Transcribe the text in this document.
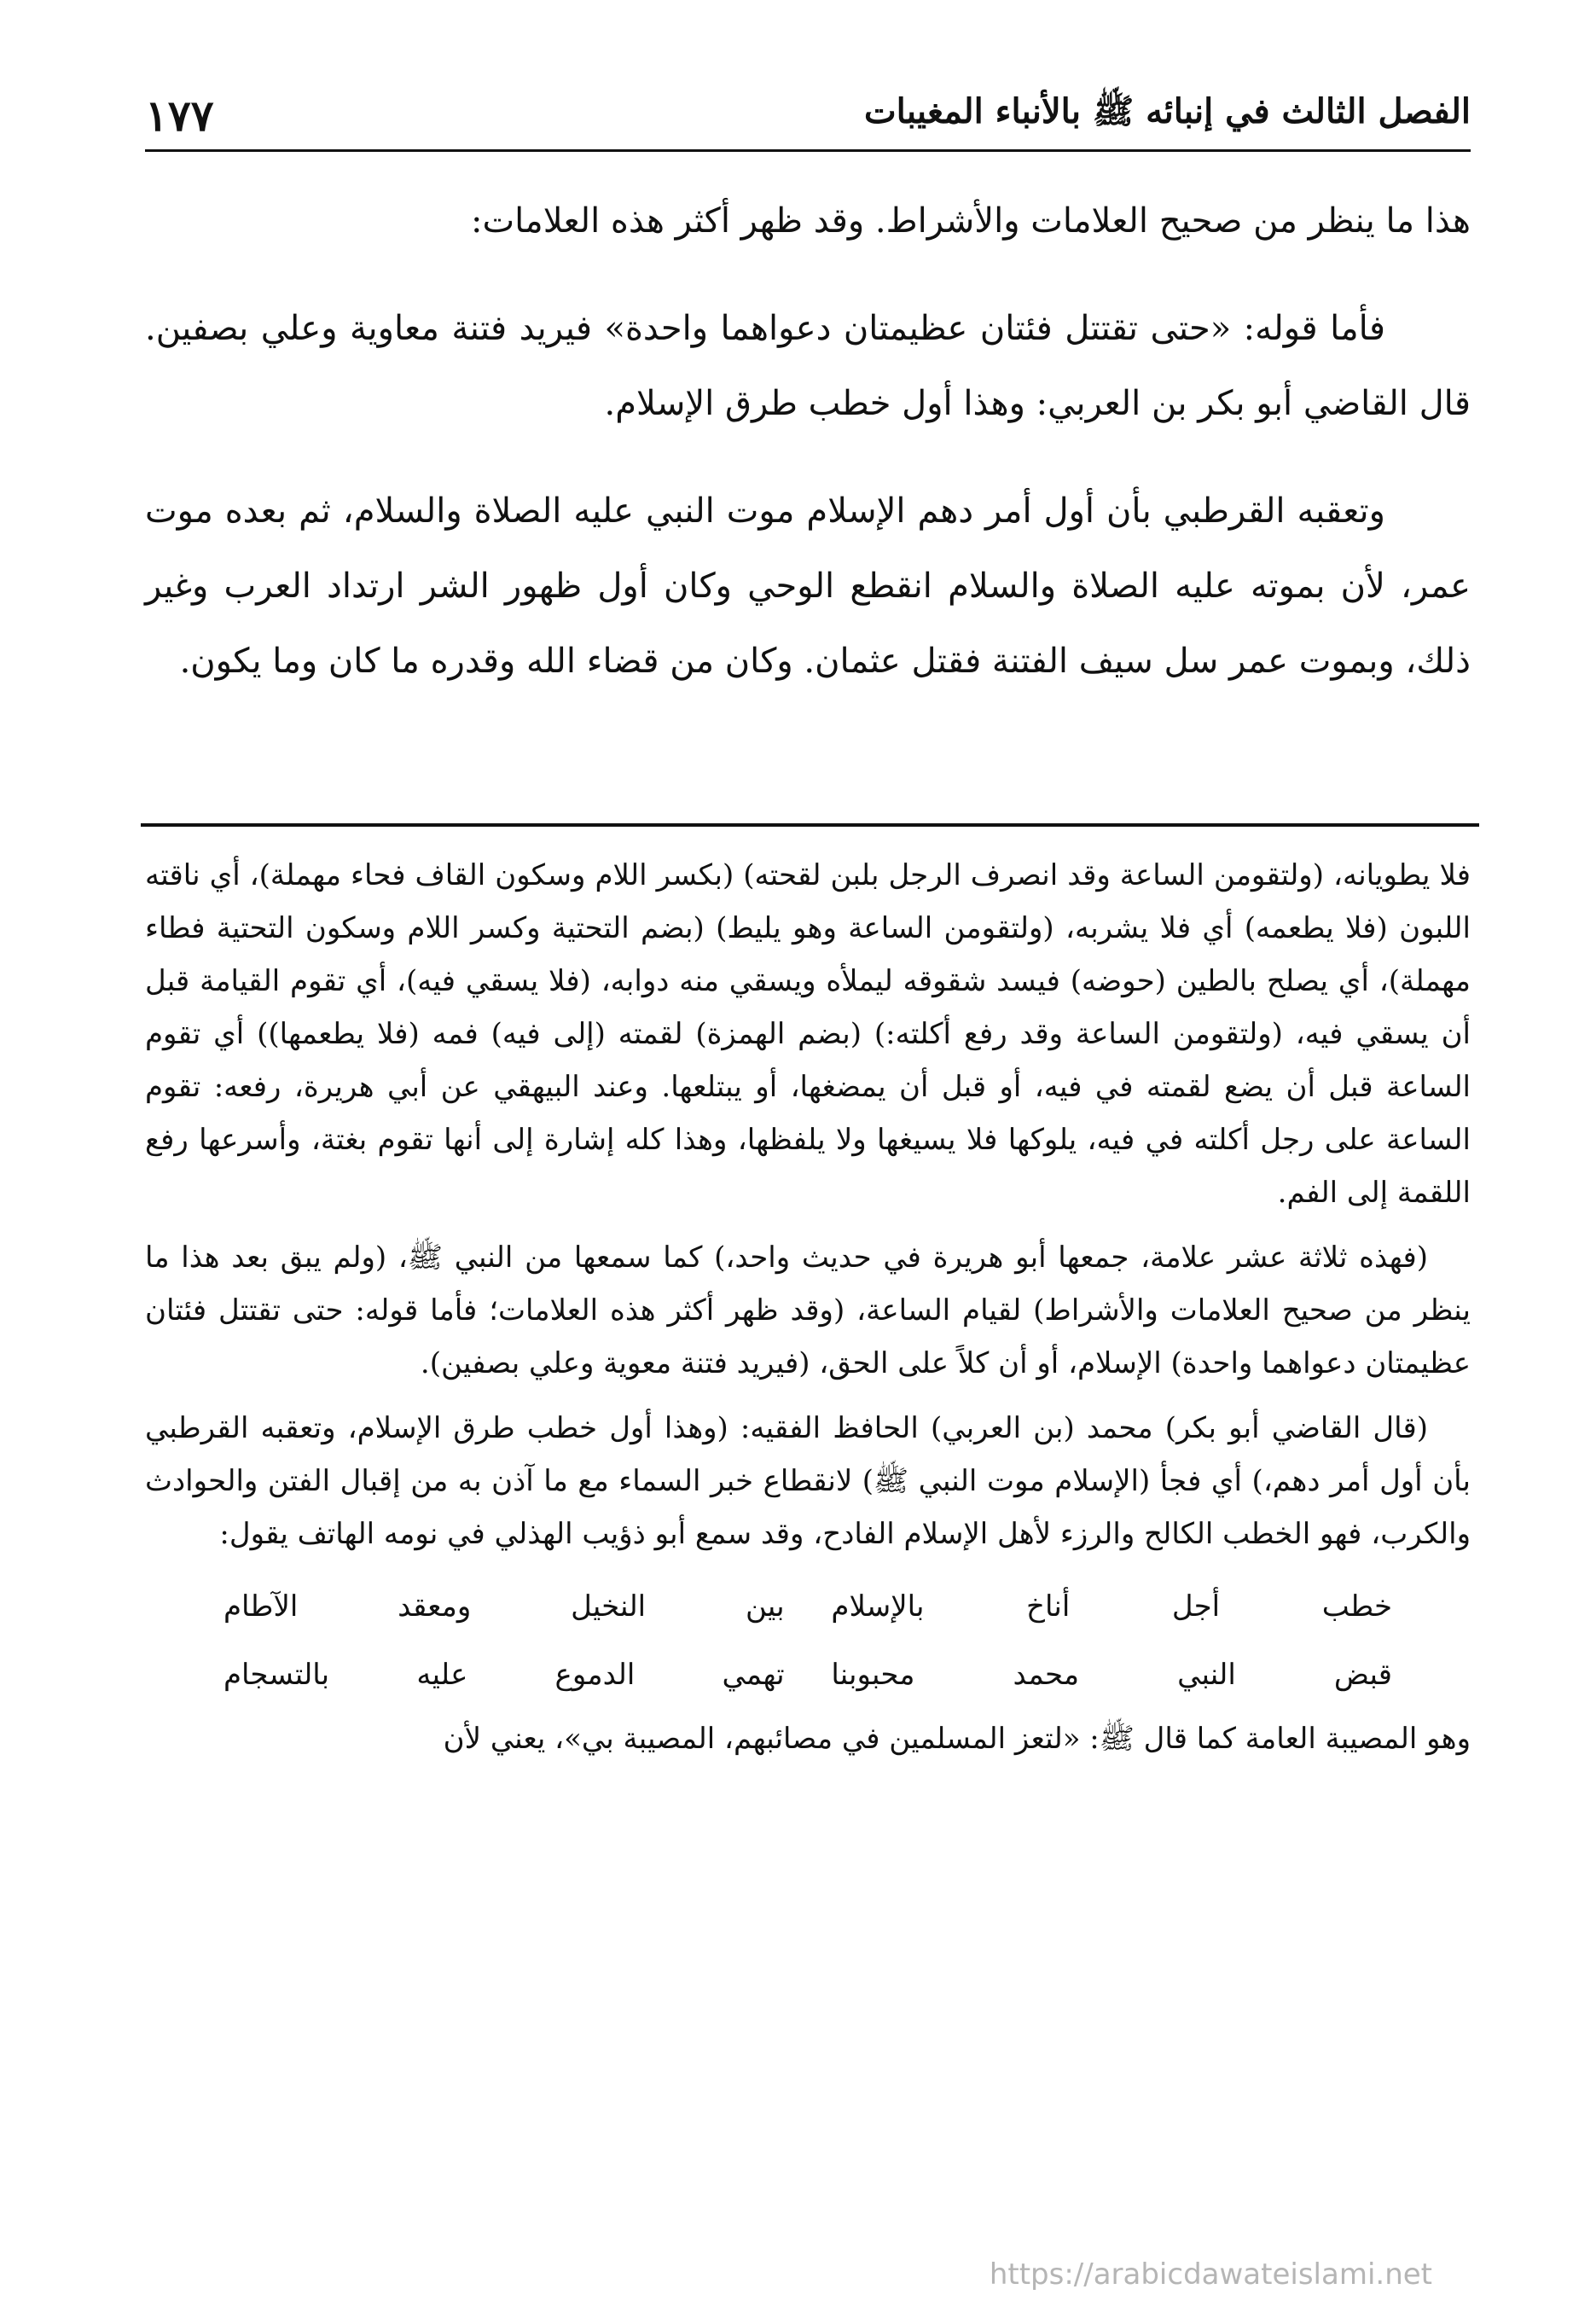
الفصل الثالث في إنبائه ﷺ بالأنباء المغيبات
١٧٧

هذا ما ينظر من صحيح العلامات والأشراط. وقد ظهر أكثر هذه العلامات:

فأما قوله: «حتى تقتتل فئتان عظيمتان دعواهما واحدة» فيريد فتنة معاوية وعلي بصفين. قال القاضي أبو بكر بن العربي: وهذا أول خطب طرق الإسلام.

وتعقبه القرطبي بأن أول أمر دهم الإسلام موت النبي عليه الصلاة والسلام، ثم بعده موت عمر، لأن بموته عليه الصلاة والسلام انقطع الوحي وكان أول ظهور الشر ارتداد العرب وغير ذلك، وبموت عمر سل سيف الفتنة فقتل عثمان. وكان من قضاء الله وقدره ما كان وما يكون.

فلا يطويانه، (ولتقومن الساعة وقد انصرف الرجل بلبن لقحته) (بكسر اللام وسكون القاف فحاء مهملة)، أي ناقته اللبون (فلا يطعمه) أي فلا يشربه، (ولتقومن الساعة وهو يليط) (بضم التحتية وكسر اللام وسكون التحتية فطاء مهملة)، أي يصلح بالطين (حوضه) فيسد شقوقه ليملأه ويسقي منه دوابه، (فلا يسقي فيه)، أي تقوم القيامة قبل أن يسقي فيه، (ولتقومن الساعة وقد رفع أكلته:) (بضم الهمزة) لقمته (إلى فيه) فمه (فلا يطعمها)) أي تقوم الساعة قبل أن يضع لقمته في فيه، أو قبل أن يمضغها، أو يبتلعها. وعند البيهقي عن أبي هريرة، رفعه: تقوم الساعة على رجل أكلته في فيه، يلوكها فلا يسيغها ولا يلفظها، وهذا كله إشارة إلى أنها تقوم بغتة، وأسرعها رفع اللقمة إلى الفم.

(فهذه ثلاثة عشر علامة، جمعها أبو هريرة في حديث واحد،) كما سمعها من النبي ﷺ، (ولم يبق بعد هذا ما ينظر من صحيح العلامات والأشراط) لقيام الساعة، (وقد ظهر أكثر هذه العلامات؛ فأما قوله: حتى تقتتل فئتان عظيمتان دعواهما واحدة) الإسلام، أو أن كلاً على الحق، (فيريد فتنة معوية وعلي بصفين).

(قال القاضي أبو بكر) محمد (بن العربي) الحافظ الفقيه: (وهذا أول خطب طرق الإسلام، وتعقبه القرطبي بأن أول أمر دهم،) أي فجأ (الإسلام موت النبي ﷺ) لانقطاع خبر السماء مع ما آذن به من إقبال الفتن والحوادث والكرب، فهو الخطب الكالح والرزء لأهل الإسلام الفادح، وقد سمع أبو ذؤيب الهذلي في نومه الهاتف يقول:

خطب أجل أناخ بالإسلام
بين النخيل ومعقد الآطام
قبض النبي محمد محبوبنا
تهمي الدموع عليه بالتسجام

وهو المصيبة العامة كما قال ﷺ: «لتعز المسلمين في مصائبهم، المصيبة بي»، يعني لأن

https://arabicdawateislami.net
